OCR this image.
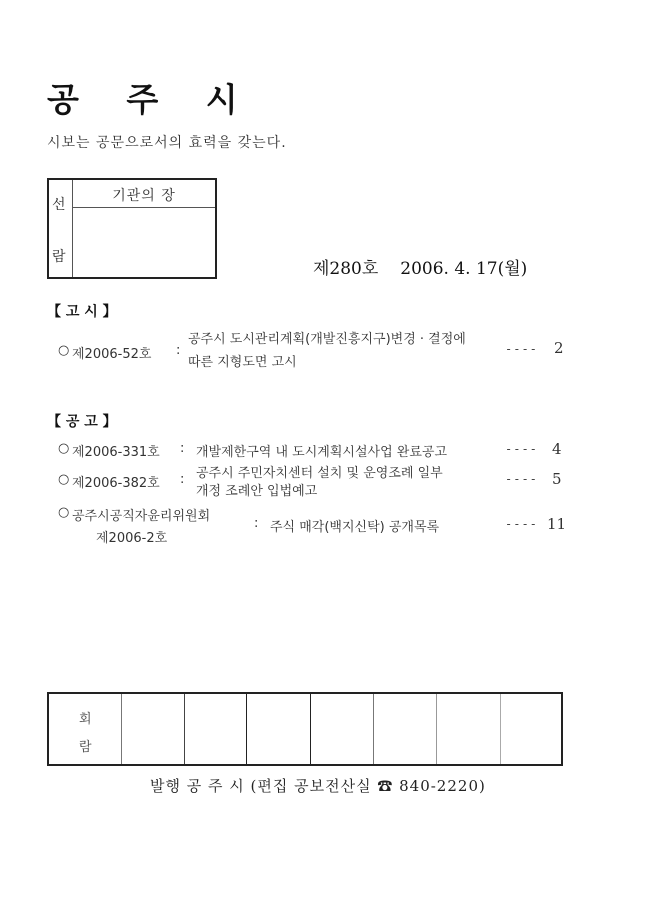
공 주 시
시보는 공문으로서의 효력을 갖는다.
선
람
기관의 장
제280호 2006. 4. 17(월)
【 고 시 】
○ 제2006-52호 :
공주시 도시관리계획(개발진흥지구)변경 · 결정에
따른 지형도면 고시
---- 2
【 공 고 】
○ 제2006-331호 : 개발제한구역 내 도시계획시설사업 완료공고	---- 4
○ 제2006-382호 : 공주시 주민자치센터 설치 및 운영조례 일부
개정 조례안 입법예고
---- 5
○ 공주시공직자윤리위원회
제2006-2호
: 주식 매각(백지신탁) 공개목록	---- 11
회
람
발행 공 주 시 (편집 공보전산실 ☎ 840-2220)
